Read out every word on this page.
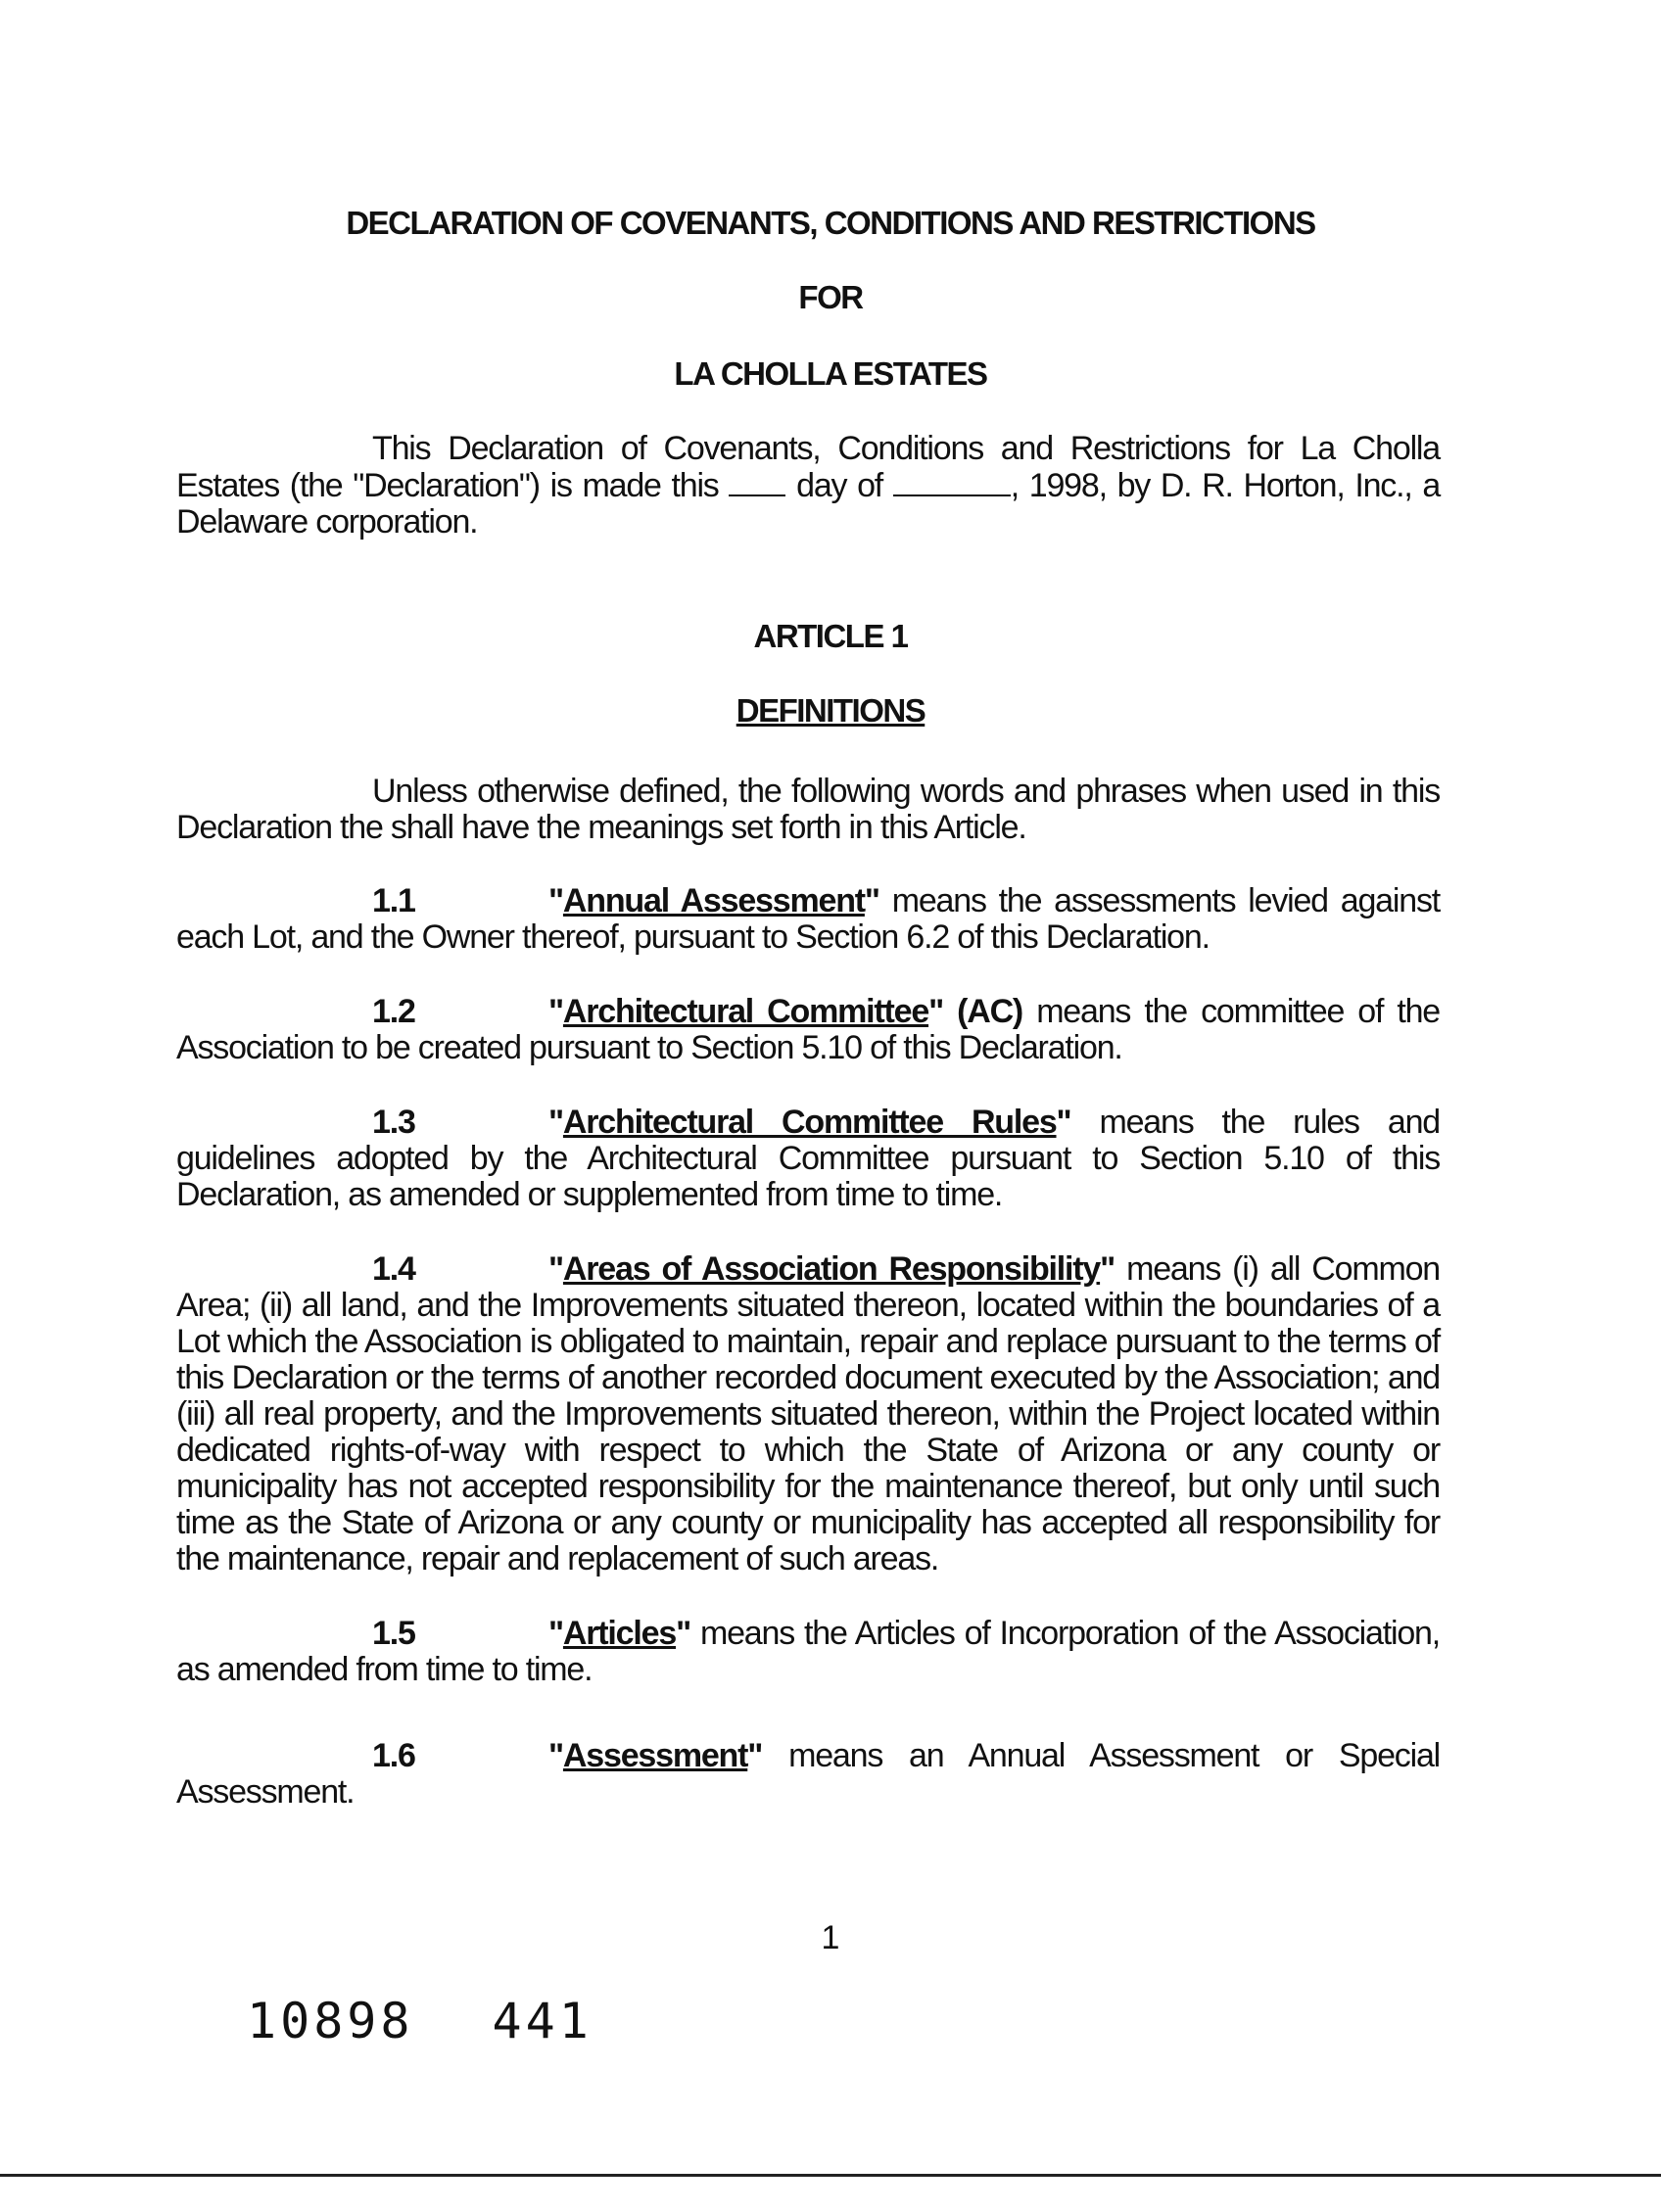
DECLARATION OF COVENANTS, CONDITIONS AND RESTRICTIONS
FOR
LA CHOLLA ESTATES
This Declaration of Covenants, Conditions and Restrictions for La Cholla Estates (the "Declaration") is made this day of	, 1998, by D. R. Horton, Inc., a Delaware corporation.
ARTICLE 1
DEFINITIONS
Unless otherwise defined, the following words and phrases when used in this Declaration the shall have the meanings set forth in this Article.
1.1	"Annual Assessment" means the assessments levied against each Lot, and the Owner thereof, pursuant to Section 6.2 of this Declaration.
1.2	"Architectural Committee" (AC) means the committee of the Association to be created pursuant to Section 5.10 of this Declaration.
1.3	"Architectural Committee Rules" means the rules and guidelines adopted by the Architectural Committee pursuant to Section 5.10 of this Declaration, as amended or supplemented from time to time.
1.4	"Areas of Association Responsibility" means (i) all Common Area; (ii) all land, and the Improvements situated thereon, located within the boundaries of a Lot which the Association is obligated to maintain, repair and replace pursuant to the terms of this Declaration or the terms of another recorded document executed by the Association; and (iii) all real property, and the Improvements situated thereon, within the Project located within dedicated rights-of-way with respect to which the State of Arizona or any county or municipality has not accepted responsibility for the maintenance thereof, but only until such time as the State of Arizona or any county or municipality has accepted all responsibility for the maintenance, repair and replacement of such areas.
1.5	"Articles" means the Articles of Incorporation of the Association, as amended from time to time.
1.6	"Assessment" means an Annual Assessment or Special Assessment.
1
10898 441
